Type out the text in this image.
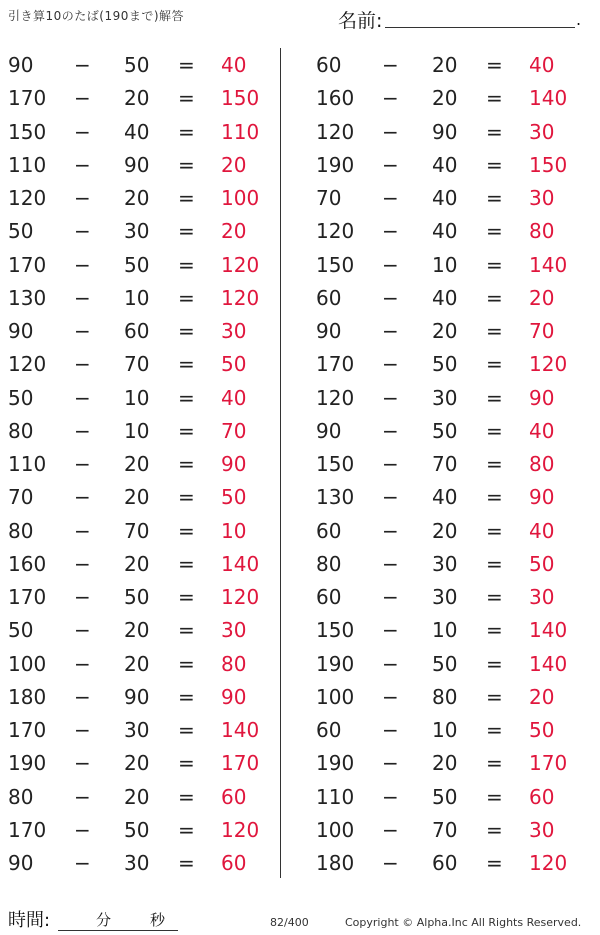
引き算10のたば(190まで)解答	名前:	.
90	− 50	= 40
170 − 20	= 150
150 − 40	= 110
110 − 90	= 20
120 − 20	= 100
50	− 30	= 20
170 − 50	= 120
130 − 10	= 120
90	− 60	= 30
120 − 70	= 50
50	− 10	= 40
80	− 10	= 70
110 − 20	= 90
70	− 20	= 50
80	− 70	= 10
160 − 20	= 140
170 − 50	= 120
50	− 20	= 30
100 − 20	= 80
180 − 90	= 90
170 − 30	= 140
190 − 20	= 170
80	− 20	= 60
170 − 50	= 120
90	− 30	= 60
60	− 20	= 40
160 − 20	= 140
120 − 90	= 30
190 − 40	= 150
70	− 40	= 30
120 − 40	= 80
150 − 10	= 140
60	− 40	= 20
90	− 20	= 70
170 − 50	= 120
120 − 30	= 90
90	− 50	= 40
150 − 70	= 80
130 − 40	= 90
60	− 20	= 40
80	− 30	= 50
60	− 30	= 30
150 − 10	= 140
190 − 50	= 140
100 − 80	= 20
60	− 10	= 50
190 − 20	= 170
110 − 50	= 60
100 − 70	= 30
180 − 60	= 120
時間:	分	秒	82/400	Copyright © Alpha.Inc All Rights Reserved.
